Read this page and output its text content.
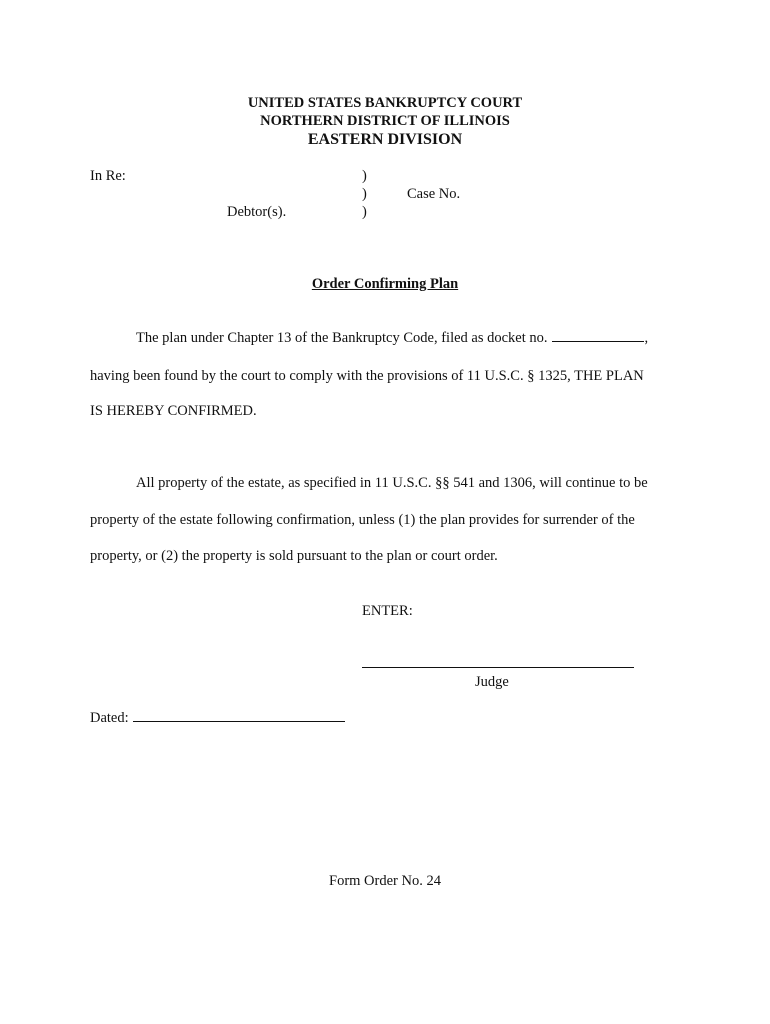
UNITED STATES BANKRUPTCY COURT
NORTHERN DISTRICT OF ILLINOIS
EASTERN DIVISION
In Re:	)
)	Case No.
Debtor(s).	)
Order Confirming Plan
The plan under Chapter 13 of the Bankruptcy Code, filed as docket no.	,
having been found by the court to comply with the provisions of 11 U.S.C. § 1325, THE PLAN
IS HEREBY CONFIRMED.
All property of the estate, as specified in 11 U.S.C. §§ 541 and 1306, will continue to be
property of the estate following confirmation, unless (1) the plan provides for surrender of the
property, or (2) the property is sold pursuant to the plan or court order.
ENTER:
Judge
Dated:
Form Order No. 24
